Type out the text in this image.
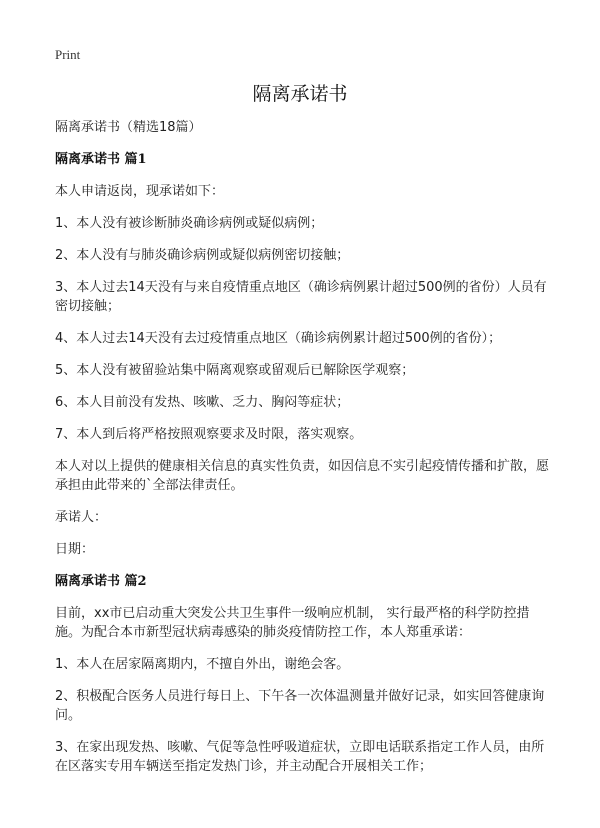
Print
隔离承诺书
隔离承诺书（精选18篇）
隔离承诺书 篇1
本人申请返岗，现承诺如下：
1、本人没有被诊断肺炎确诊病例或疑似病例；
2、本人没有与肺炎确诊病例或疑似病例密切接触；
3、本人过去14天没有与来自疫情重点地区（确诊病例累计超过500例的省份）人员有密切接触；
4、本人过去14天没有去过疫情重点地区（确诊病例累计超过500例的省份）；
5、本人没有被留验站集中隔离观察或留观后已解除医学观察；
6、本人目前没有发热、咳嗽、乏力、胸闷等症状；
7、本人到后将严格按照观察要求及时限，落实观察。
本人对以上提供的健康相关信息的真实性负责，如因信息不实引起疫情传播和扩散，愿承担由此带来的`全部法律责任。
承诺人：
日期：
隔离承诺书 篇2
目前，xx市已启动重大突发公共卫生事件一级响应机制， 实行最严格的科学防控措施。为配合本市新型冠状病毒感染的肺炎疫情防控工作，本人郑重承诺：
1、本人在居家隔离期内，不擅自外出，谢绝会客。
2、积极配合医务人员进行每日上、下午各一次体温测量并做好记录，如实回答健康询问。
3、在家出现发热、咳嗽、气促等急性呼吸道症状，立即电话联系指定工作人员，由所在区落实专用车辆送至指定发热门诊，并主动配合开展相关工作；
